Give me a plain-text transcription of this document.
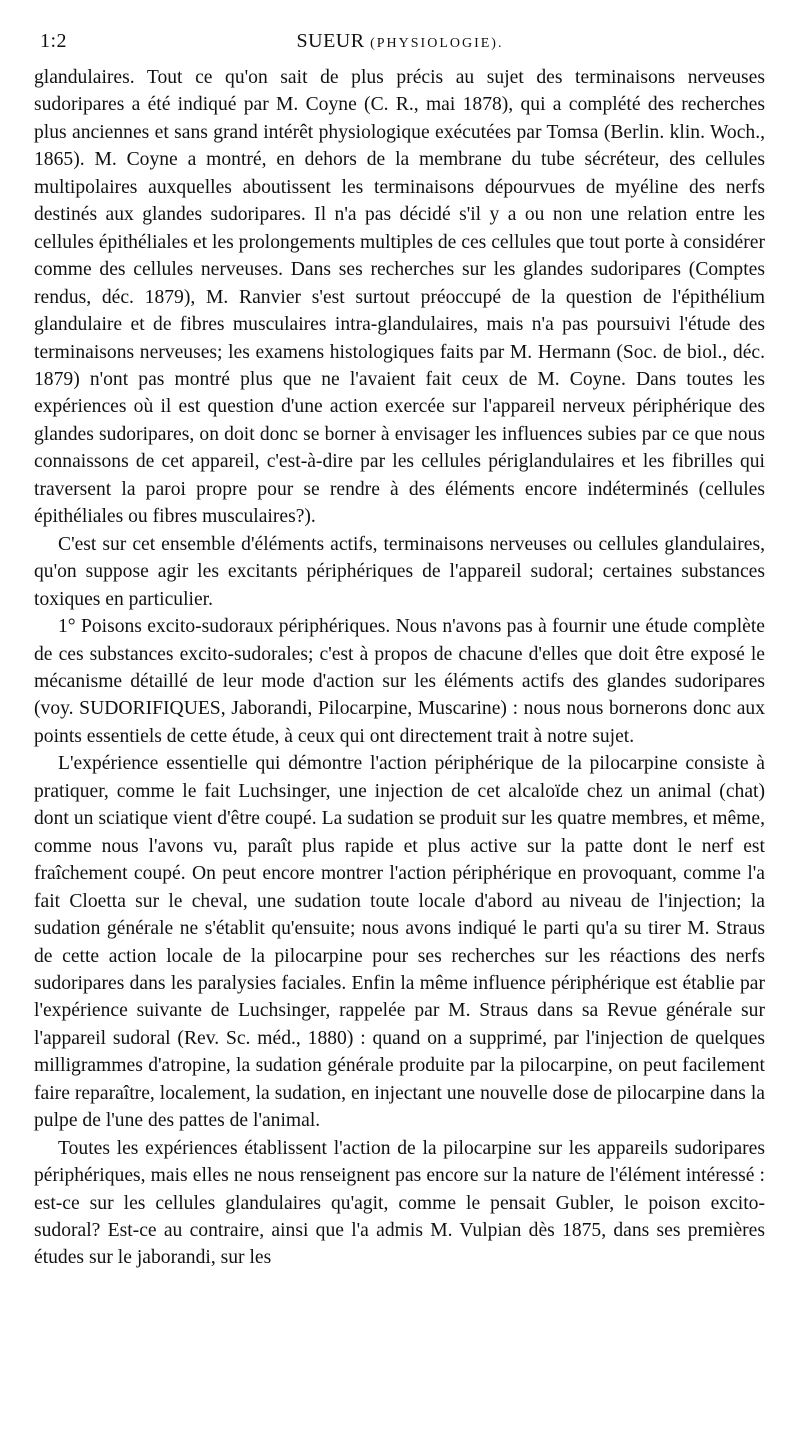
1:2	SUEUR (PHYSIOLOGIE).

glandulaires. Tout ce qu'on sait de plus précis au sujet des terminaisons nerveuses sudoripares a été indiqué par M. Coyne (C. R., mai 1878), qui a complété des recherches plus anciennes et sans grand intérêt physiologique exécutées par Tomsa (Berlin. klin. Woch., 1865). M. Coyne a montré, en dehors de la membrane du tube sécréteur, des cellules multipolaires auxquelles aboutissent les terminaisons dépourvues de myéline des nerfs destinés aux glandes sudoripares. Il n'a pas décidé s'il y a ou non une relation entre les cellules épithéliales et les prolongements multiples de ces cellules que tout porte à considérer comme des cellules nerveuses. Dans ses recherches sur les glandes sudoripares (Comptes rendus, déc. 1879), M. Ranvier s'est surtout préoccupé de la question de l'épithélium glandulaire et de fibres musculaires intra-glandulaires, mais n'a pas poursuivi l'étude des terminaisons nerveuses; les examens histologiques faits par M. Hermann (Soc. de biol., déc. 1879) n'ont pas montré plus que ne l'avaient fait ceux de M. Coyne. Dans toutes les expériences où il est question d'une action exercée sur l'appareil nerveux périphérique des glandes sudoripares, on doit donc se borner à envisager les influences subies par ce que nous connaissons de cet appareil, c'est-à-dire par les cellules périglandulaires et les fibrilles qui traversent la paroi propre pour se rendre à des éléments encore indéterminés (cellules épithéliales ou fibres musculaires?).

C'est sur cet ensemble d'éléments actifs, terminaisons nerveuses ou cellules glandulaires, qu'on suppose agir les excitants périphériques de l'appareil sudoral; certaines substances toxiques en particulier.

1° Poisons excito-sudoraux périphériques. Nous n'avons pas à fournir une étude complète de ces substances excito-sudorales; c'est à propos de chacune d'elles que doit être exposé le mécanisme détaillé de leur mode d'action sur les éléments actifs des glandes sudoripares (voy. SUDORIFIQUES, Jaborandi, Pilocarpine, Muscarine) : nous nous bornerons donc aux points essentiels de cette étude, à ceux qui ont directement trait à notre sujet.

L'expérience essentielle qui démontre l'action périphérique de la pilocarpine consiste à pratiquer, comme le fait Luchsinger, une injection de cet alcaloïde chez un animal (chat) dont un sciatique vient d'être coupé. La sudation se produit sur les quatre membres, et même, comme nous l'avons vu, paraît plus rapide et plus active sur la patte dont le nerf est fraîchement coupé. On peut encore montrer l'action périphérique en provoquant, comme l'a fait Cloetta sur le cheval, une sudation toute locale d'abord au niveau de l'injection; la sudation générale ne s'établit qu'ensuite; nous avons indiqué le parti qu'a su tirer M. Straus de cette action locale de la pilocarpine pour ses recherches sur les réactions des nerfs sudoripares dans les paralysies faciales. Enfin la même influence périphérique est établie par l'expérience suivante de Luchsinger, rappelée par M. Straus dans sa Revue générale sur l'appareil sudoral (Rev. Sc. méd., 1880) : quand on a supprimé, par l'injection de quelques milligrammes d'atropine, la sudation générale produite par la pilocarpine, on peut facilement faire reparaître, localement, la sudation, en injectant une nouvelle dose de pilocarpine dans la pulpe de l'une des pattes de l'animal.

Toutes les expériences établissent l'action de la pilocarpine sur les appareils sudoripares périphériques, mais elles ne nous renseignent pas encore sur la nature de l'élément intéressé : est-ce sur les cellules glandulaires qu'agit, comme le pensait Gubler, le poison excito-sudoral? Est-ce au contraire, ainsi que l'a admis M. Vulpian dès 1875, dans ses premières études sur le jaborandi, sur les
